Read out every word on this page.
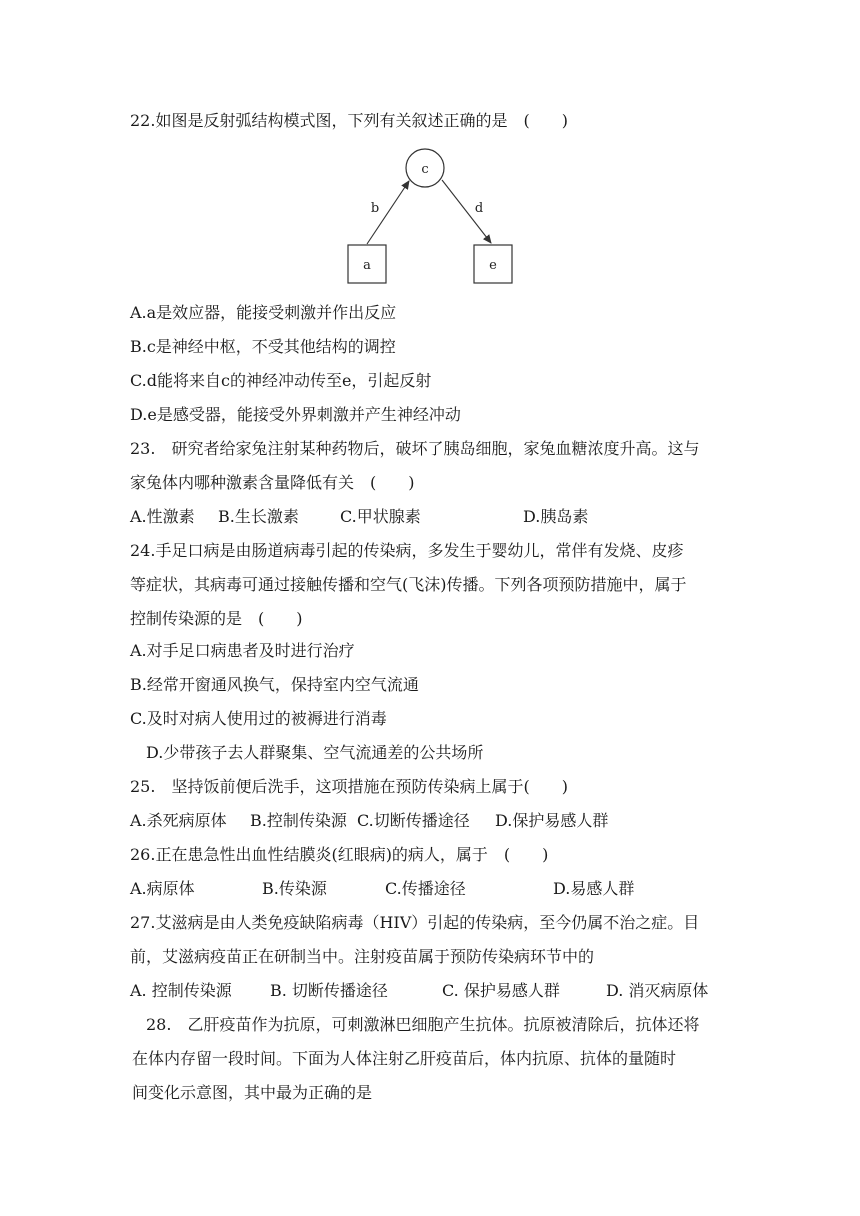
22.如图是反射弧结构模式图，下列有关叙述正确的是　(　　)
c
a	e
b	d
A.a是效应器，能接受刺激并作出反应
B.c是神经中枢，不受其他结构的调控
C.d能将来自c的神经冲动传至e，引起反射
D.e是感受器，能接受外界刺激并产生神经冲动
23.　研究者给家兔注射某种药物后，破坏了胰岛细胞，家兔血糖浓度升高。这与
家兔体内哪种激素含量降低有关　(　　)
A.性激素 B.生长激素	C.甲状腺素	D.胰岛素
24.手足口病是由肠道病毒引起的传染病，多发生于婴幼儿，常伴有发烧、皮疹
等症状，其病毒可通过接触传播和空气(飞沫)传播。下列各项预防措施中，属于
控制传染源的是　(　　)
A.对手足口病患者及时进行治疗
B.经常开窗通风换气，保持室内空气流通
C.及时对病人使用过的被褥进行消毒
D.少带孩子去人群聚集、空气流通差的公共场所
25.　坚持饭前便后洗手，这项措施在预防传染病上属于(　　)
A.杀死病原体 B.控制传染源 C.切断传播途径 D.保护易感人群
26.正在患急性出血性结膜炎(红眼病)的病人，属于　(　　)
A.病原体	B.传染源	C.传播途径	D.易感人群
27.艾滋病是由人类免疫缺陷病毒（HIV）引起的传染病，至今仍属不治之症。目
前，艾滋病疫苗正在研制当中。注射疫苗属于预防传染病环节中的
A. 控制传染源 B. 切断传播途径	C. 保护易感人群	D. 消灭病原体
28.　乙肝疫苗作为抗原，可刺激淋巴细胞产生抗体。抗原被清除后，抗体还将
在体内存留一段时间。下面为人体注射乙肝疫苗后，体内抗原、抗体的量随时
间变化示意图，其中最为正确的是
